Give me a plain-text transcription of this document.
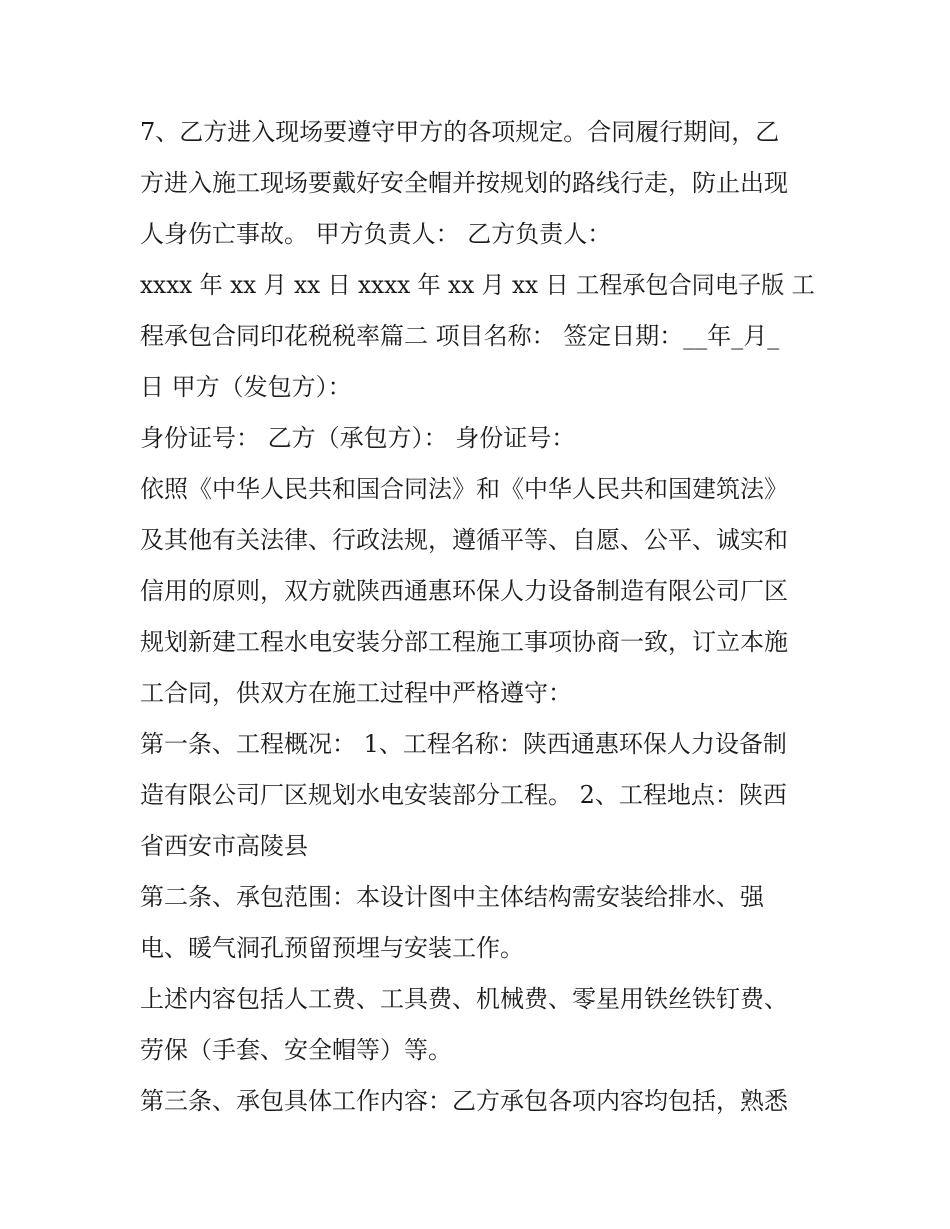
7、乙方进入现场要遵守甲方的各项规定。合同履行期间，乙
方进入施工现场要戴好安全帽并按规划的路线行走，防止出现
人身伤亡事故。 甲方负责人： 乙方负责人：
xxxx 年 xx 月 xx 日 xxxx 年 xx 月 xx 日 工程承包合同电子版 工
程承包合同印花税税率篇二 项目名称： 签定日期：__年_月_
日 甲方（发包方）：
身份证号： 乙方（承包方）： 身份证号：
依照《中华人民共和国合同法》和《中华人民共和国建筑法》
及其他有关法律、行政法规，遵循平等、自愿、公平、诚实和
信用的原则，双方就陕西通惠环保人力设备制造有限公司厂区
规划新建工程水电安装分部工程施工事项协商一致，订立本施
工合同，供双方在施工过程中严格遵守：
第一条、工程概况： 1、工程名称：陕西通惠环保人力设备制
造有限公司厂区规划水电安装部分工程。 2、工程地点：陕西
省西安市高陵县
第二条、承包范围：本设计图中主体结构需安装给排水、强
电、暖气洞孔预留预埋与安装工作。
上述内容包括人工费、工具费、机械费、零星用铁丝铁钉费、
劳保（手套、安全帽等）等。
第三条、承包具体工作内容：乙方承包各项内容均包括，熟悉
